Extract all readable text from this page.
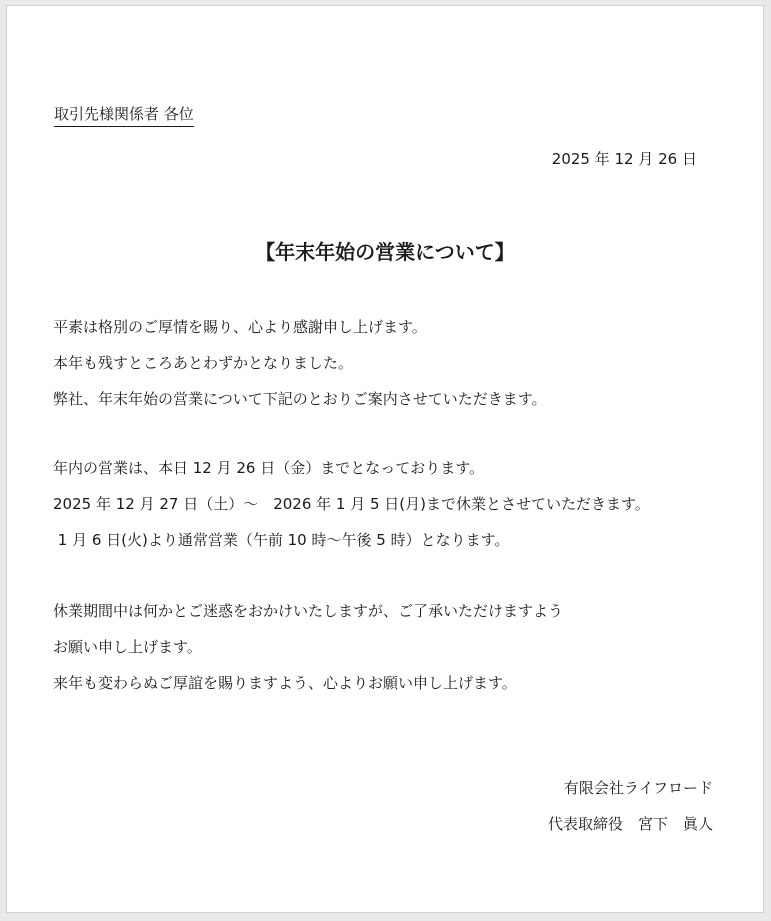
取引先様関係者 各位
2025 年 12 月 26 日
【年末年始の営業について】

平素は格別のご厚情を賜り、心より感謝申し上げます。

本年も残すところあとわずかとなりました。

弊社、年末年始の営業について下記のとおりご案内させていただきます。

年内の営業は、本日 12 月 26 日（金）までとなっております。

2025 年 12 月 27 日（土）～　2026 年 1 月 5 日(月)まで休業とさせていただきます。

1 月 6 日(火)より通常営業（午前 10 時～午後 5 時）となります。

休業期間中は何かとご迷惑をおかけいたしますが、ご了承いただけますよう

お願い申し上げます。

来年も変わらぬご厚誼を賜りますよう、心よりお願い申し上げます。

有限会社ライフロード
代表取締役　宮下　眞人
